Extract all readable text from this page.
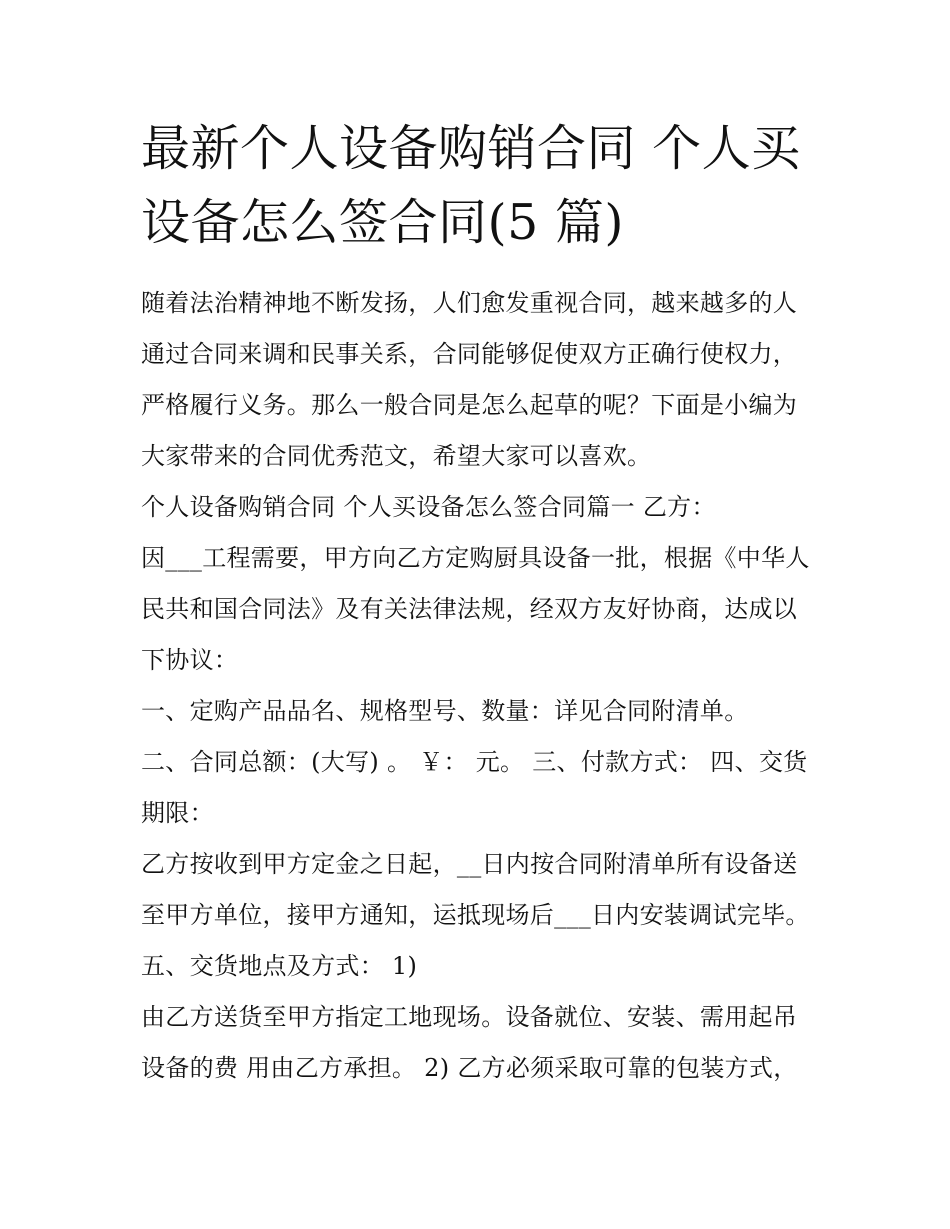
最新个人设备购销合同 个人买设备怎么签合同(5 篇)

随着法治精神地不断发扬，人们愈发重视合同，越来越多的人通过合同来调和民事关系，合同能够促使双方正确行使权力，严格履行义务。那么一般合同是怎么起草的呢？下面是小编为大家带来的合同优秀范文，希望大家可以喜欢。

个人设备购销合同 个人买设备怎么签合同篇一 乙方：

因___工程需要，甲方向乙方定购厨具设备一批，根据《中华人民共和国合同法》及有关法律法规，经双方友好协商，达成以下协议：

一、定购产品品名、规格型号、数量：详见合同附清单。

二、合同总额：(大写) 。 ￥： 元。 三、付款方式： 四、交货期限：

乙方按收到甲方定金之日起，__日内按合同附清单所有设备送至甲方单位，接甲方通知，运抵现场后___日内安装调试完毕。 五、交货地点及方式： 1)

由乙方送货至甲方指定工地现场。设备就位、安装、需用起吊设备的费 用由乙方承担。 2) 乙方必须采取可靠的包装方式，
